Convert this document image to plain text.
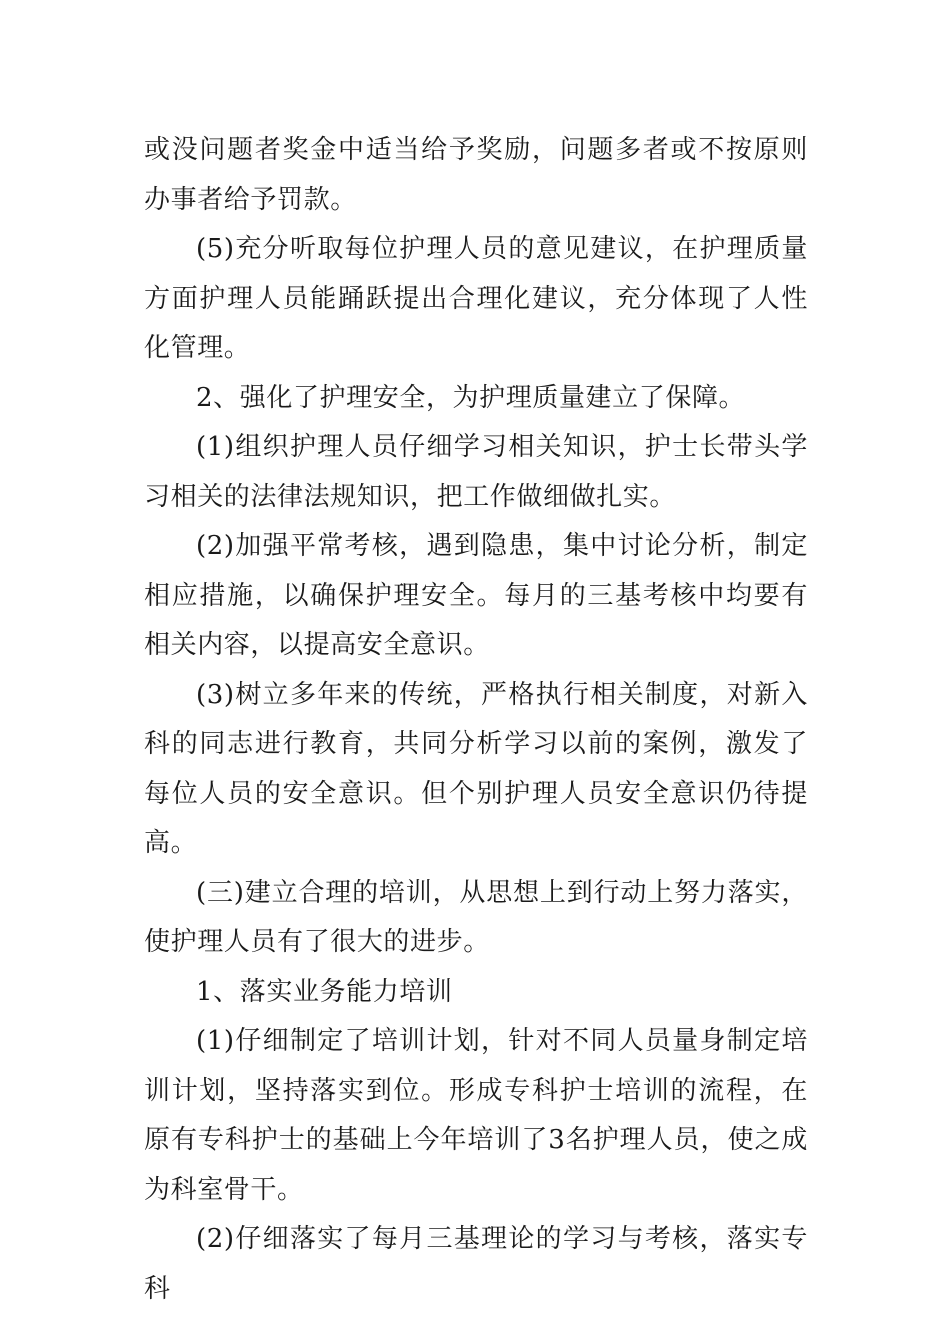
或没问题者奖金中适当给予奖励，问题多者或不按原则办事者给予罚款。

(5)充分听取每位护理人员的意见建议，在护理质量方面护理人员能踊跃提出合理化建议，充分体现了人性化管理。

2、强化了护理安全，为护理质量建立了保障。

(1)组织护理人员仔细学习相关知识，护士长带头学习相关的法律法规知识，把工作做细做扎实。

(2)加强平常考核，遇到隐患，集中讨论分析，制定相应措施，以确保护理安全。每月的三基考核中均要有相关内容，以提高安全意识。

(3)树立多年来的传统，严格执行相关制度，对新入科的同志进行教育，共同分析学习以前的案例，激发了每位人员的安全意识。但个别护理人员安全意识仍待提高。

(三)建立合理的培训，从思想上到行动上努力落实，使护理人员有了很大的进步。

1、落实业务能力培训

(1)仔细制定了培训计划，针对不同人员量身制定培训计划，坚持落实到位。形成专科护士培训的流程，在原有专科护士的基础上今年培训了3名护理人员，使之成为科室骨干。

(2)仔细落实了每月三基理论的学习与考核，落实专科
